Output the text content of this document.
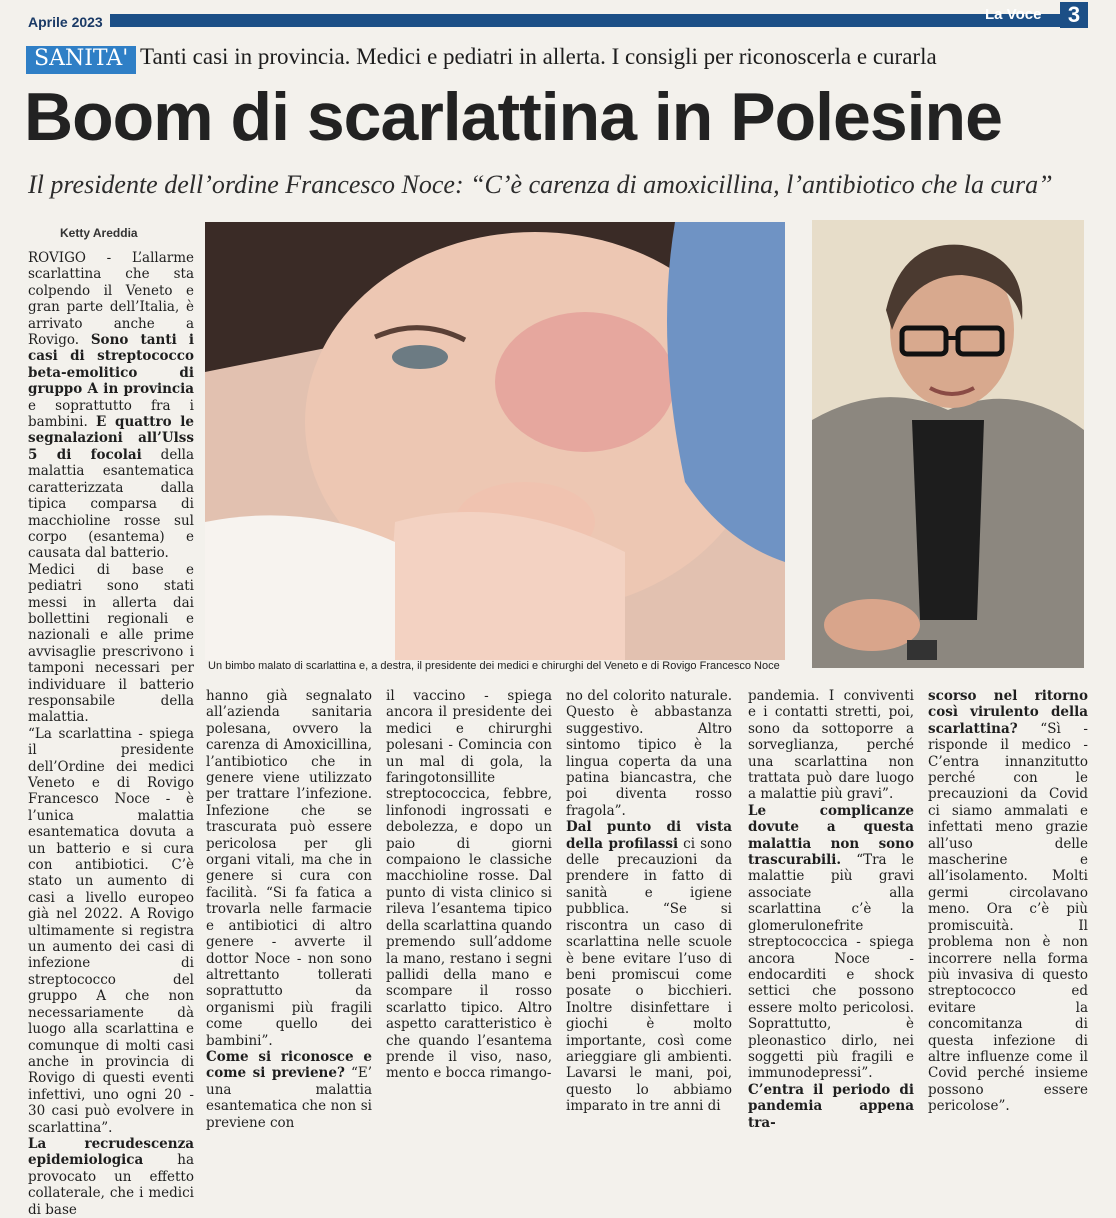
Aprile 2023	La Voce	3
SANITA' Tanti casi in provincia. Medici e pediatri in allerta. I consigli per riconoscerla e curarla
Boom di scarlattina in Polesine
Il presidente dell’ordine Francesco Noce: “C’è carenza di amoxicillina, l’antibiotico che la cura”
Ketty Areddia
Un bimbo malato di scarlattina e, a destra, il presidente dei medici e chirurghi del Veneto e di Rovigo Francesco Noce

ROVIGO - L’allarme scarlattina che sta colpendo il Veneto e gran parte dell’Italia, è arrivato anche a Rovigo. Sono tanti i casi di streptococco beta-emolitico di gruppo A in provincia e soprattutto fra i bambini. E quattro le segnalazioni all’Ulss 5 di focolai della malattia esantematica caratterizzata dalla tipica comparsa di macchioline rosse sul corpo (esantema) e causata dal batterio.

Medici di base e pediatri sono stati messi in allerta dai bollettini regionali e nazionali e alle prime avvisaglie prescrivono i tamponi necessari per individuare il batterio responsabile della malattia.

“La scarlattina - spiega il presidente dell’Ordine dei medici Veneto e di Rovigo Francesco Noce - è l’unica malattia esantematica dovuta a un batterio e si cura con antibiotici. C’è stato un aumento di casi a livello europeo già nel 2022. A Rovigo ultimamente si registra un aumento dei casi di infezione di streptococco del gruppo A che non necessariamente dà luogo alla scarlattina e comunque di molti casi anche in provincia di Rovigo di questi eventi infettivi, uno ogni 20 - 30 casi può evolvere in scarlattina”.

La recrudescenza epidemiologica ha provocato un effetto collaterale, che i medici di base

hanno già segnalato all’azienda sanitaria polesana, ovvero la carenza di Amoxicillina, l’antibiotico che in genere viene utilizzato per trattare l’infezione. Infezione che se trascurata può essere pericolosa per gli organi vitali, ma che in genere si cura con facilità. “Si fa fatica a trovarla nelle farmacie e antibiotici di altro genere - avverte il dottor Noce - non sono altrettanto tollerati soprattutto da organismi più fragili come quello dei bambini”.

Come si riconosce e come si previene? “E’ una malattia esantematica che non si previene con

il vaccino - spiega ancora il presidente dei medici e chirurghi polesani - Comincia con un mal di gola, la faringotonsillite streptococcica, febbre, linfonodi ingrossati e debolezza, e dopo un paio di giorni compaiono le classiche macchioline rosse. Dal punto di vista clinico si rileva l’esantema tipico della scarlattina quando premendo sull’addome la mano, restano i segni pallidi della mano e scompare il rosso scarlatto tipico. Altro aspetto caratteristico è che quando l’esantema prende il viso, naso, mento e bocca rimango-

no del colorito naturale. Questo è abbastanza suggestivo. Altro sintomo tipico è la lingua coperta da una patina biancastra, che poi diventa rosso fragola”.

Dal punto di vista della profilassi ci sono delle precauzioni da prendere in fatto di sanità e igiene pubblica. “Se si riscontra un caso di scarlattina nelle scuole è bene evitare l’uso di beni promiscui come posate o bicchieri. Inoltre disinfettare i giochi è molto importante, così come arieggiare gli ambienti. Lavarsi le mani, poi, questo lo abbiamo imparato in tre anni di

pandemia. I conviventi e i contatti stretti, poi, sono da sottoporre a sorveglianza, perché una scarlattina non trattata può dare luogo a malattie più gravi”.

Le complicanze dovute a questa malattia non sono trascurabili. “Tra le malattie più gravi associate alla scarlattina c’è la glomerulonefrite streptococcica - spiega ancora Noce - endocarditi e shock settici che possono essere molto pericolosi. Soprattutto, è pleonastico dirlo, nei soggetti più fragili e immunodepressi”.

C’entra il periodo di pandemia appena tra-

scorso nel ritorno così virulento della scarlattina? “Sì - risponde il medico - C’entra innanzitutto perché con le precauzioni da Covid ci siamo ammalati e infettati meno grazie all’uso delle mascherine e all’isolamento. Molti germi circolavano meno. Ora c’è più promiscuità. Il problema non è non incorrere nella forma più invasiva di questo streptococco ed evitare la concomitanza di questa infezione di altre influenze come il Covid perché insieme possono essere pericolose”.
